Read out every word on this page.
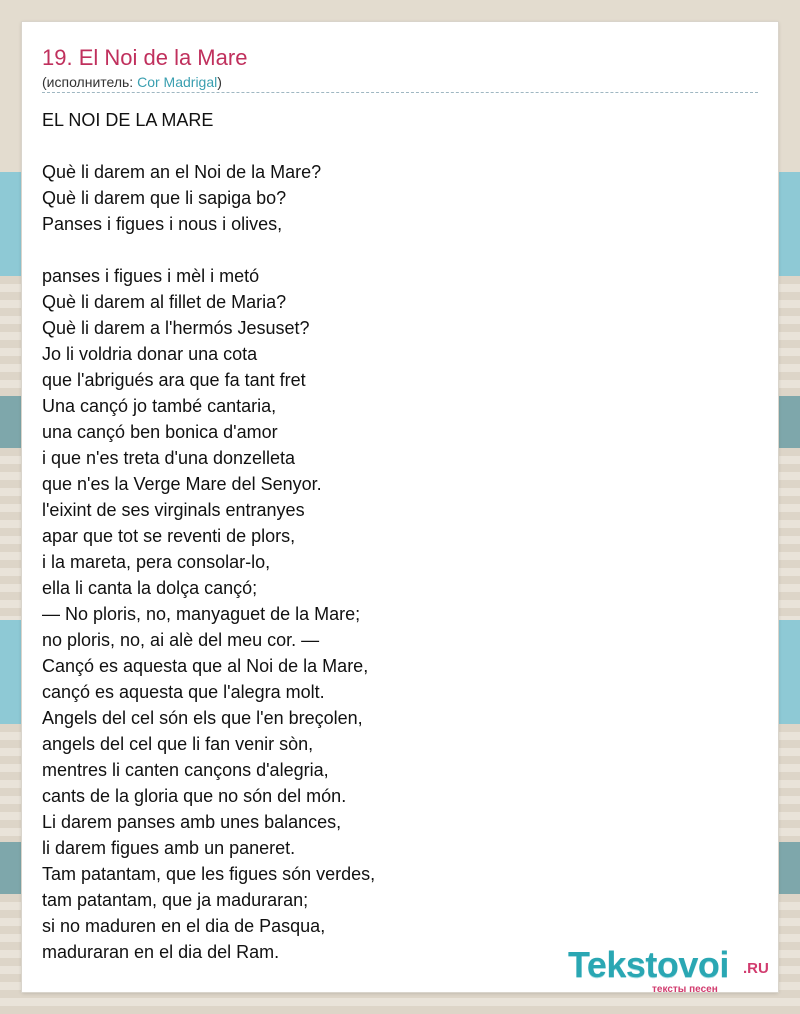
19. El Noi de la Mare
(исполнитель: Cor Madrigal)
EL NOI DE LA MARE
Què li darem an el Noi de la Mare?
Què li darem que li sapiga bo?
Panses i figues i nous i olives,
panses i figues i mèl i metó
Què li darem al fillet de Maria?
Què li darem a l'hermós Jesuset?
Jo li voldria donar una cota
que l'abrigués ara que fa tant fret
Una cançó jo també cantaria,
una cançó ben bonica d'amor
i que n'es treta d'una donzelleta
que n'es la Verge Mare del Senyor.
l'eixint de ses virginals entranyes
apar que tot se reventi de plors,
i la mareta, pera consolar-lo,
ella li canta la dolça cançó;
— No ploris, no, manyaguet de la Mare;
no ploris, no, ai alè del meu cor. —
Cançó es aquesta que al Noi de la Mare,
cançó es aquesta que l'alegra molt.
Angels del cel són els que l'en breçolen,
angels del cel que li fan venir sòn,
mentres li canten cançons d'alegria,
cants de la gloria que no són del món.
Li darem panses amb unes balances,
li darem figues amb un paneret.
Tam patantam, que les figues són verdes,
tam patantam, que ja maduraran;
si no maduren en el dia de Pasqua,
maduraran en el dia del Ram.	Tekstovoi .RU
тексты песен
